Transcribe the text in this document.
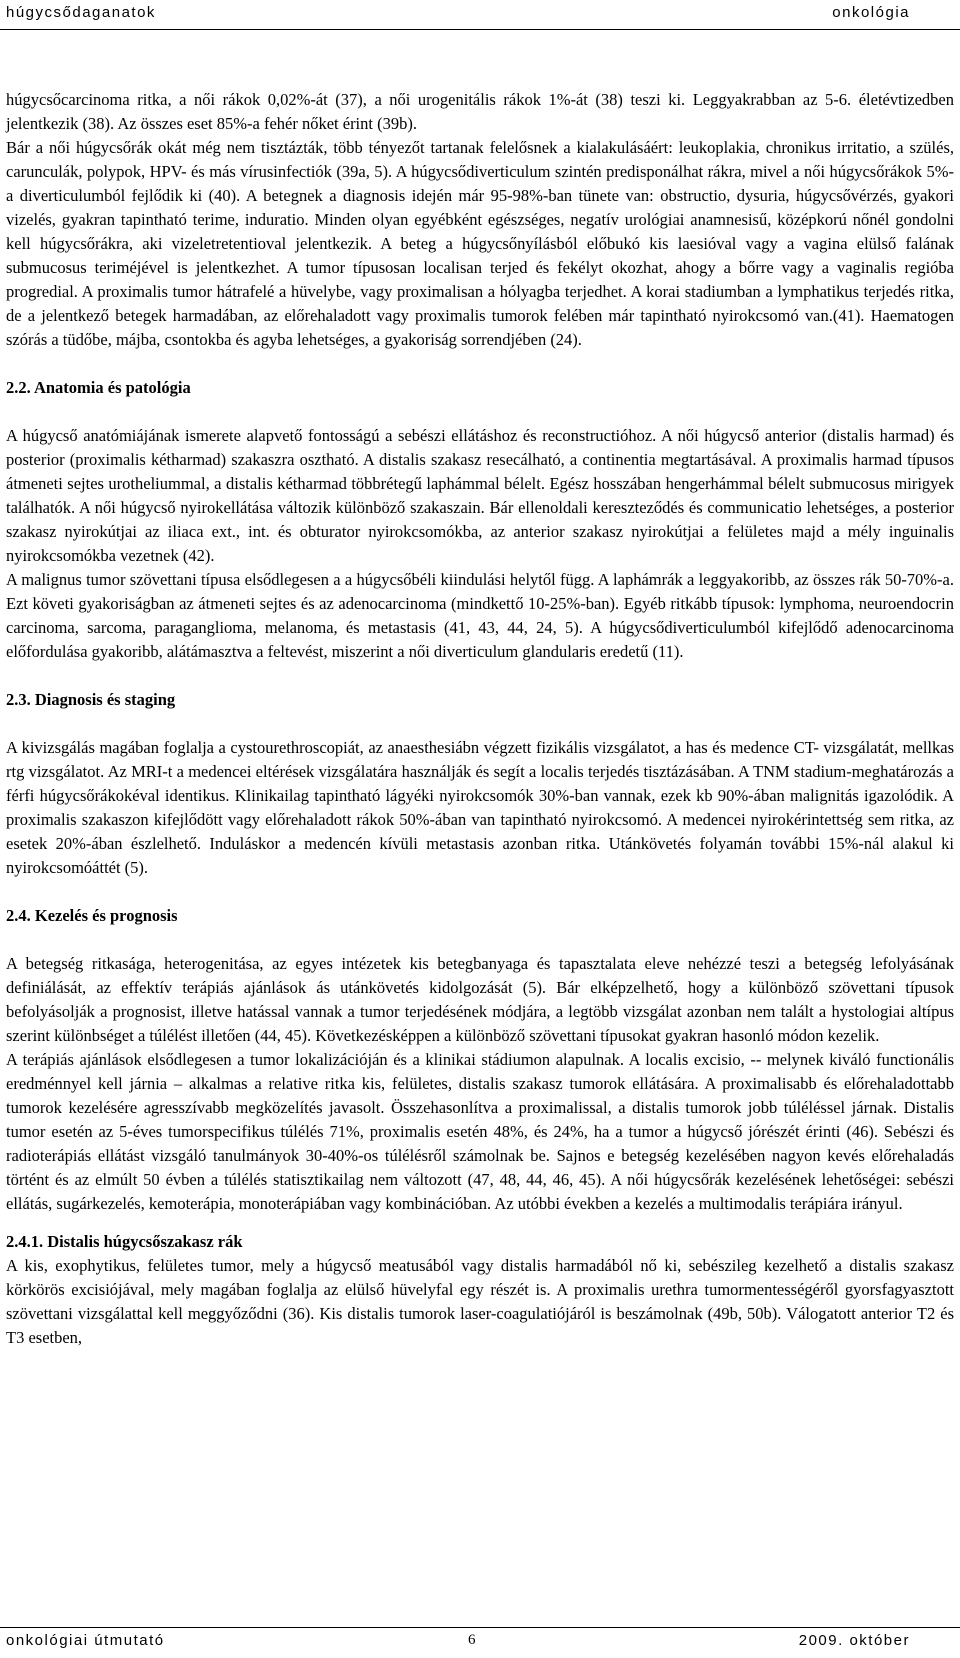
húgycsődaganatok	onkológia

húgycsőcarcinoma ritka, a női rákok 0,02%-át (37), a női urogenitális rákok 1%-át (38) teszi ki. Leggyakrabban az 5-6. életévtizedben jelentkezik (38). Az összes eset 85%-a fehér nőket érint (39b).

Bár a női húgycsőrák okát még nem tisztázták, több tényezőt tartanak felelősnek a kialakulásáért: leukoplakia, chronikus irritatio, a szülés, carunculák, polypok, HPV- és más vírusinfectiók (39a, 5). A húgycsődiverticulum szintén predisponálhat rákra, mivel a női húgycsőrákok 5%-a diverticulumból fejlődik ki (40). A betegnek a diagnosis idején már 95-98%-ban tünete van: obstructio, dysuria, húgycsővérzés, gyakori vizelés, gyakran tapintható terime, induratio. Minden olyan egyébként egészséges, negatív urológiai anamnesisű, középkorú nőnél gondolni kell húgycsőrákra, aki vizeletretentioval jelentkezik. A beteg a húgycsőnyílásból előbukó kis laesióval vagy a vagina elülső falának submucosus teriméjével is jelentkezhet. A tumor típusosan localisan terjed és fekélyt okozhat, ahogy a bőrre vagy a vaginalis regióba progredial. A proximalis tumor hátrafelé a hüvelybe, vagy proximalisan a hólyagba terjedhet. A korai stadiumban a lymphatikus terjedés ritka, de a jelentkező betegek harmadában, az előrehaladott vagy proximalis tumorok felében már tapintható nyirokcsomó van.(41). Haematogen szórás a tüdőbe, májba, csontokba és agyba lehetséges, a gyakoriság sorrendjében (24).

2.2. Anatomia és patológia

A húgycső anatómiájának ismerete alapvető fontosságú a sebészi ellátáshoz és reconstructióhoz. A női húgycső anterior (distalis harmad) és posterior (proximalis kétharmad) szakaszra osztható. A distalis szakasz resecálható, a continentia megtartásával. A proximalis harmad típusos átmeneti sejtes urotheliummal, a distalis kétharmad többrétegű laphámmal bélelt. Egész hosszában hengerhámmal bélelt submucosus mirigyek találhatók. A női húgycső nyirokellátása változik különböző szakaszain. Bár ellenoldali kereszteződés és communicatio lehetséges, a posterior szakasz nyirokútjai az iliaca ext., int. és obturator nyirokcsomókba, az anterior szakasz nyirokútjai a felületes majd a mély inguinalis nyirokcsomókba vezetnek (42).

A malignus tumor szövettani típusa elsődlegesen a a húgycsőbéli kiindulási helytől függ. A laphámrák a leggyakoribb, az összes rák 50-70%-a. Ezt követi gyakoriságban az átmeneti sejtes és az adenocarcinoma (mindkettő 10-25%-ban). Egyéb ritkább típusok: lymphoma, neuroendocrin carcinoma, sarcoma, paraganglioma, melanoma, és metastasis (41, 43, 44, 24, 5). A húgycsődiverticulumból kifejlődő adenocarcinoma előfordulása gyakoribb, alátámasztva a feltevést, miszerint a női diverticulum glandularis eredetű (11).

2.3. Diagnosis és staging

A kivizsgálás magában foglalja a cystourethroscopiát, az anaesthesiábn végzett fizikális vizsgálatot, a has és medence CT- vizsgálatát, mellkas rtg vizsgálatot. Az MRI-t a medencei eltérések vizsgálatára használják és segít a localis terjedés tisztázásában. A TNM stadium-meghatározás a férfi húgycsőrákokéval identikus. Klinikailag tapintható lágyéki nyirokcsomók 30%-ban vannak, ezek kb 90%-ában malignitás igazolódik. A proximalis szakaszon kifejlődött vagy előrehaladott rákok 50%-ában van tapintható nyirokcsomó. A medencei nyirokérintettség sem ritka, az esetek 20%-ában észlelhető. Induláskor a medencén kívüli metastasis azonban ritka. Utánkövetés folyamán további 15%-nál alakul ki nyirokcsomóáttét (5).

2.4. Kezelés és prognosis

A betegség ritkasága, heterogenitása, az egyes intézetek kis betegbanyaga és tapasztalata eleve nehézzé teszi a betegség lefolyásának definiálását, az effektív terápiás ajánlások ás utánkövetés kidolgozását (5). Bár elképzelhető, hogy a különböző szövettani típusok befolyásolják a prognosist, illetve hatással vannak a tumor terjedésének módjára, a legtöbb vizsgálat azonban nem talált a hystologiai altípus szerint különbséget a túlélést illetően (44, 45). Következésképpen a különböző szövettani típusokat gyakran hasonló módon kezelik.

A terápiás ajánlások elsődlegesen a tumor lokalizációján és a klinikai stádiumon alapulnak. A localis excisio, -- melynek kiváló functionális eredménnyel kell járnia – alkalmas a relative ritka kis, felületes, distalis szakasz tumorok ellátására. A proximalisabb és előrehaladottabb tumorok kezelésére agresszívabb megközelítés javasolt. Összehasonlítva a proximalissal, a distalis tumorok jobb túléléssel járnak. Distalis tumor esetén az 5-éves tumorspecifikus túlélés 71%, proximalis esetén 48%, és 24%, ha a tumor a húgycső jórészét érinti (46). Sebészi és radioterápiás ellátást vizsgáló tanulmányok 30-40%-os túlélésről számolnak be. Sajnos e betegség kezelésében nagyon kevés előrehaladás történt és az elmúlt 50 évben a túlélés statisztikailag nem változott (47, 48, 44, 46, 45). A női húgycsőrák kezelésének lehetőségei: sebészi ellátás, sugárkezelés, kemoterápia, monoterápiában vagy kombinációban. Az utóbbi években a kezelés a multimodalis terápiára irányul.

2.4.1. Distalis húgycsőszakasz rák

A kis, exophytikus, felületes tumor, mely a húgycső meatusából vagy distalis harmadából nő ki, sebészileg kezelhető a distalis szakasz körkörös excisiójával, mely magában foglalja az elülső hüvelyfal egy részét is. A proximalis urethra tumormentességéről gyorsfagyasztott szövettani vizsgálattal kell meggyőződni (36). Kis distalis tumorok laser-coagulatiójáról is beszámolnak (49b, 50b). Válogatott anterior T2 és T3 esetben,

onkológiai útmutató	6	2009. október
